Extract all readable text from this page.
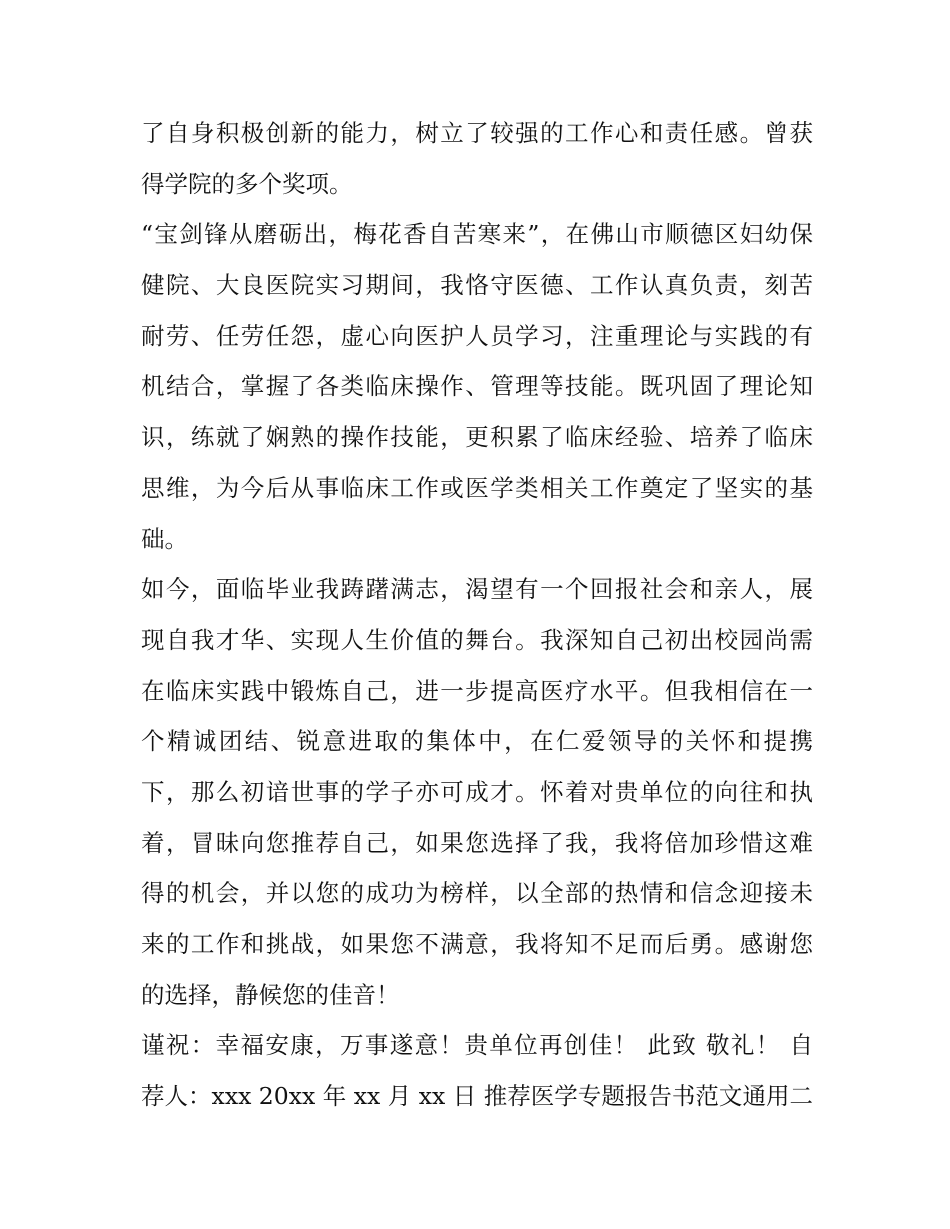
了自身积极创新的能力，树立了较强的工作心和责任感。曾获
得学院的多个奖项。
“宝剑锋从磨砺出，梅花香自苦寒来”，在佛山市顺德区妇幼保
健院、大良医院实习期间，我恪守医德、工作认真负责，刻苦
耐劳、任劳任怨，虚心向医护人员学习，注重理论与实践的有
机结合，掌握了各类临床操作、管理等技能。既巩固了理论知
识，练就了娴熟的操作技能，更积累了临床经验、培养了临床
思维，为今后从事临床工作或医学类相关工作奠定了坚实的基
础。
如今，面临毕业我踌躇满志，渴望有一个回报社会和亲人，展
现自我才华、实现人生价值的舞台。我深知自己初出校园尚需
在临床实践中锻炼自己，进一步提高医疗水平。但我相信在一
个精诚团结、锐意进取的集体中，在仁爱领导的关怀和提携
下，那么初谙世事的学子亦可成才。怀着对贵单位的向往和执
着，冒昧向您推荐自己，如果您选择了我，我将倍加珍惜这难
得的机会，并以您的成功为榜样，以全部的热情和信念迎接未
来的工作和挑战，如果您不满意，我将知不足而后勇。感谢您
的选择，静候您的佳音！
谨祝：幸福安康，万事遂意！贵单位再创佳！ 此致 敬礼！ 自
荐人：xxx 20xx 年 xx 月 xx 日 推荐医学专题报告书范文通用二
